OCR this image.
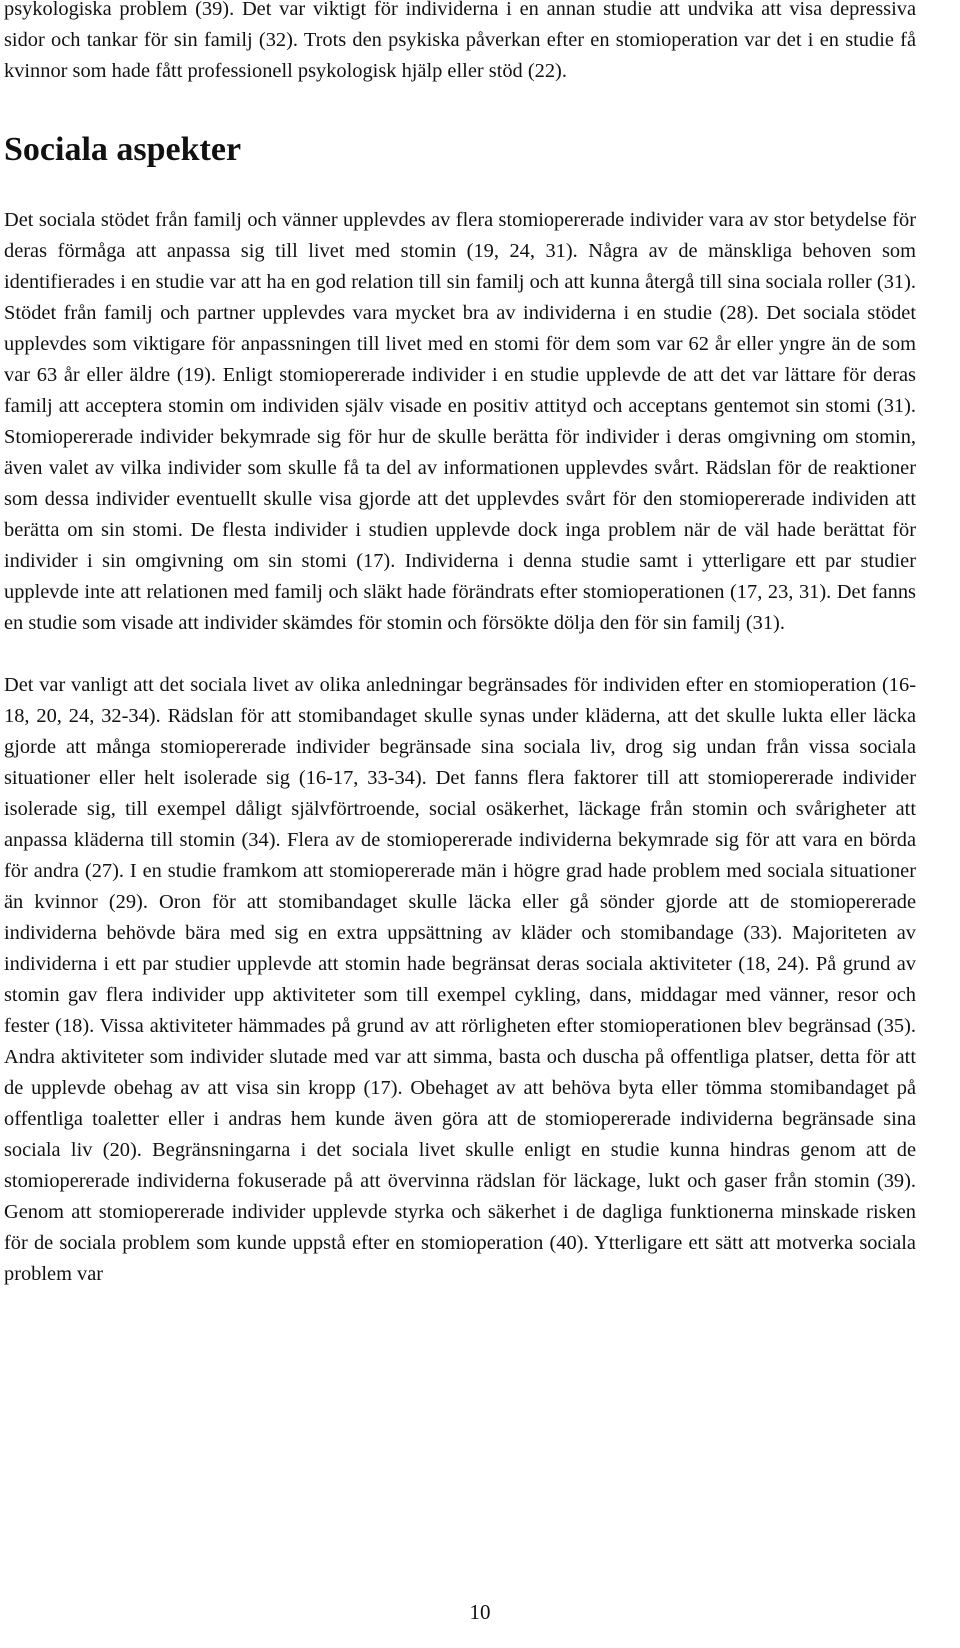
psykologiska problem (39). Det var viktigt för individerna i en annan studie att undvika att visa depressiva sidor och tankar för sin familj (32). Trots den psykiska påverkan efter en stomioperation var det i en studie få kvinnor som hade fått professionell psykologisk hjälp eller stöd (22).

Sociala aspekter

Det sociala stödet från familj och vänner upplevdes av flera stomiopererade individer vara av stor betydelse för deras förmåga att anpassa sig till livet med stomin (19, 24, 31). Några av de mänskliga behoven som identifierades i en studie var att ha en god relation till sin familj och att kunna återgå till sina sociala roller (31). Stödet från familj och partner upplevdes vara mycket bra av individerna i en studie (28). Det sociala stödet upplevdes som viktigare för anpassningen till livet med en stomi för dem som var 62 år eller yngre än de som var 63 år eller äldre (19). Enligt stomiopererade individer i en studie upplevde de att det var lättare för deras familj att acceptera stomin om individen själv visade en positiv attityd och acceptans gentemot sin stomi (31). Stomiopererade individer bekymrade sig för hur de skulle berätta för individer i deras omgivning om stomin, även valet av vilka individer som skulle få ta del av informationen upplevdes svårt. Rädslan för de reaktioner som dessa individer eventuellt skulle visa gjorde att det upplevdes svårt för den stomiopererade individen att berätta om sin stomi. De flesta individer i studien upplevde dock inga problem när de väl hade berättat för individer i sin omgivning om sin stomi (17). Individerna i denna studie samt i ytterligare ett par studier upplevde inte att relationen med familj och släkt hade förändrats efter stomioperationen (17, 23, 31). Det fanns en studie som visade att individer skämdes för stomin och försökte dölja den för sin familj (31).

Det var vanligt att det sociala livet av olika anledningar begränsades för individen efter en stomioperation (16-18, 20, 24, 32-34). Rädslan för att stomibandaget skulle synas under kläderna, att det skulle lukta eller läcka gjorde att många stomiopererade individer begränsade sina sociala liv, drog sig undan från vissa sociala situationer eller helt isolerade sig (16-17, 33-34). Det fanns flera faktorer till att stomiopererade individer isolerade sig, till exempel dåligt självförtroende, social osäkerhet, läckage från stomin och svårigheter att anpassa kläderna till stomin (34). Flera av de stomiopererade individerna bekymrade sig för att vara en börda för andra (27). I en studie framkom att stomiopererade män i högre grad hade problem med sociala situationer än kvinnor (29). Oron för att stomibandaget skulle läcka eller gå sönder gjorde att de stomiopererade individerna behövde bära med sig en extra uppsättning av kläder och stomibandage (33). Majoriteten av individerna i ett par studier upplevde att stomin hade begränsat deras sociala aktiviteter (18, 24). På grund av stomin gav flera individer upp aktiviteter som till exempel cykling, dans, middagar med vänner, resor och fester (18). Vissa aktiviteter hämmades på grund av att rörligheten efter stomioperationen blev begränsad (35). Andra aktiviteter som individer slutade med var att simma, basta och duscha på offentliga platser, detta för att de upplevde obehag av att visa sin kropp (17). Obehaget av att behöva byta eller tömma stomibandaget på offentliga toaletter eller i andras hem kunde även göra att de stomiopererade individerna begränsade sina sociala liv (20). Begränsningarna i det sociala livet skulle enligt en studie kunna hindras genom att de stomiopererade individerna fokuserade på att övervinna rädslan för läckage, lukt och gaser från stomin (39). Genom att stomiopererade individer upplevde styrka och säkerhet i de dagliga funktionerna minskade risken för de sociala problem som kunde uppstå efter en stomioperation (40). Ytterligare ett sätt att motverka sociala problem var

10
